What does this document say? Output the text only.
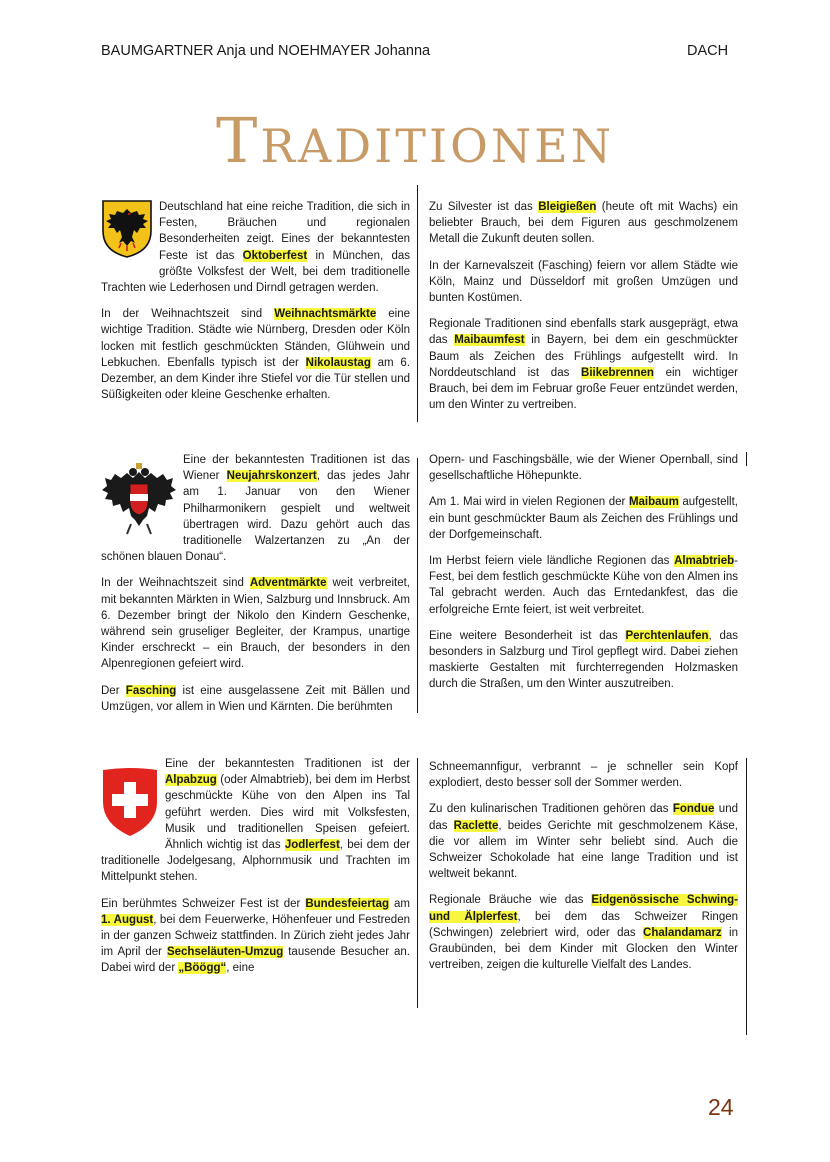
BAUMGARTNER Anja und NOEHMAYER Johanna	DACH
TRADITIONEN

Deutschland hat eine reiche Tradition, die sich in Festen, Bräuchen und regionalen Besonderheiten zeigt. Eines der bekanntesten Feste ist das Oktoberfest in München, das größte Volksfest der Welt, bei dem traditionelle Trachten wie Lederhosen und Dirndl getragen werden.

In der Weihnachtszeit sind Weihnachtsmärkte eine wichtige Tradition. Städte wie Nürnberg, Dresden oder Köln locken mit festlich geschmückten Ständen, Glühwein und Lebkuchen. Ebenfalls typisch ist der Nikolaustag am 6. Dezember, an dem Kinder ihre Stiefel vor die Tür stellen und Süßigkeiten oder kleine Geschenke erhalten.

Zu Silvester ist das Bleigießen (heute oft mit Wachs) ein beliebter Brauch, bei dem Figuren aus geschmolzenem Metall die Zukunft deuten sollen.

In der Karnevalszeit (Fasching) feiern vor allem Städte wie Köln, Mainz und Düsseldorf mit großen Umzügen und bunten Kostümen.

Regionale Traditionen sind ebenfalls stark ausgeprägt, etwa das Maibaumfest in Bayern, bei dem ein geschmückter Baum als Zeichen des Frühlings aufgestellt wird. In Norddeutschland ist das Biikebrennen ein wichtiger Brauch, bei dem im Februar große Feuer entzündet werden, um den Winter zu vertreiben.

Eine der bekanntesten Traditionen ist das Wiener Neujahrskonzert, das jedes Jahr am 1. Januar von den Wiener Philharmonikern gespielt und weltweit übertragen wird. Dazu gehört auch das traditionelle Walzertanzen zu „An der schönen blauen Donau“.

In der Weihnachtszeit sind Adventmärkte weit verbreitet, mit bekannten Märkten in Wien, Salzburg und Innsbruck. Am 6. Dezember bringt der Nikolo den Kindern Geschenke, während sein gruseliger Begleiter, der Krampus, unartige Kinder erschreckt – ein Brauch, der besonders in den Alpenregionen gefeiert wird.

Der Fasching ist eine ausgelassene Zeit mit Bällen und Umzügen, vor allem in Wien und Kärnten. Die berühmten

Opern- und Faschingsbälle, wie der Wiener Opernball, sind gesellschaftliche Höhepunkte.

Am 1. Mai wird in vielen Regionen der Maibaum aufgestellt, ein bunt geschmückter Baum als Zeichen des Frühlings und der Dorfgemeinschaft.

Im Herbst feiern viele ländliche Regionen das Almabtrieb-Fest, bei dem festlich geschmückte Kühe von den Almen ins Tal gebracht werden. Auch das Erntedankfest, das die erfolgreiche Ernte feiert, ist weit verbreitet.

Eine weitere Besonderheit ist das Perchtenlaufen, das besonders in Salzburg und Tirol gepflegt wird. Dabei ziehen maskierte Gestalten mit furchterregenden Holzmasken durch die Straßen, um den Winter auszutreiben.

Eine der bekanntesten Traditionen ist der Alpabzug (oder Almabtrieb), bei dem im Herbst geschmückte Kühe von den Alpen ins Tal geführt werden. Dies wird mit Volksfesten, Musik und traditionellen Speisen gefeiert. Ähnlich wichtig ist das Jodlerfest, bei dem der traditionelle Jodelgesang, Alphornmusik und Trachten im Mittelpunkt stehen.

Ein berühmtes Schweizer Fest ist der Bundesfeiertag am 1. August, bei dem Feuerwerke, Höhenfeuer und Festreden in der ganzen Schweiz stattfinden. In Zürich zieht jedes Jahr im April der Sechseläuten-Umzug tausende Besucher an. Dabei wird der „Böögg“, eine

Schneemannfigur, verbrannt – je schneller sein Kopf explodiert, desto besser soll der Sommer werden.

Zu den kulinarischen Traditionen gehören das Fondue und das Raclette, beides Gerichte mit geschmolzenem Käse, die vor allem im Winter sehr beliebt sind. Auch die Schweizer Schokolade hat eine lange Tradition und ist weltweit bekannt.

Regionale Bräuche wie das Eidgenössische Schwing- und Älplerfest, bei dem das Schweizer Ringen (Schwingen) zelebriert wird, oder das Chalandamarz in Graubünden, bei dem Kinder mit Glocken den Winter vertreiben, zeigen die kulturelle Vielfalt des Landes.

24
